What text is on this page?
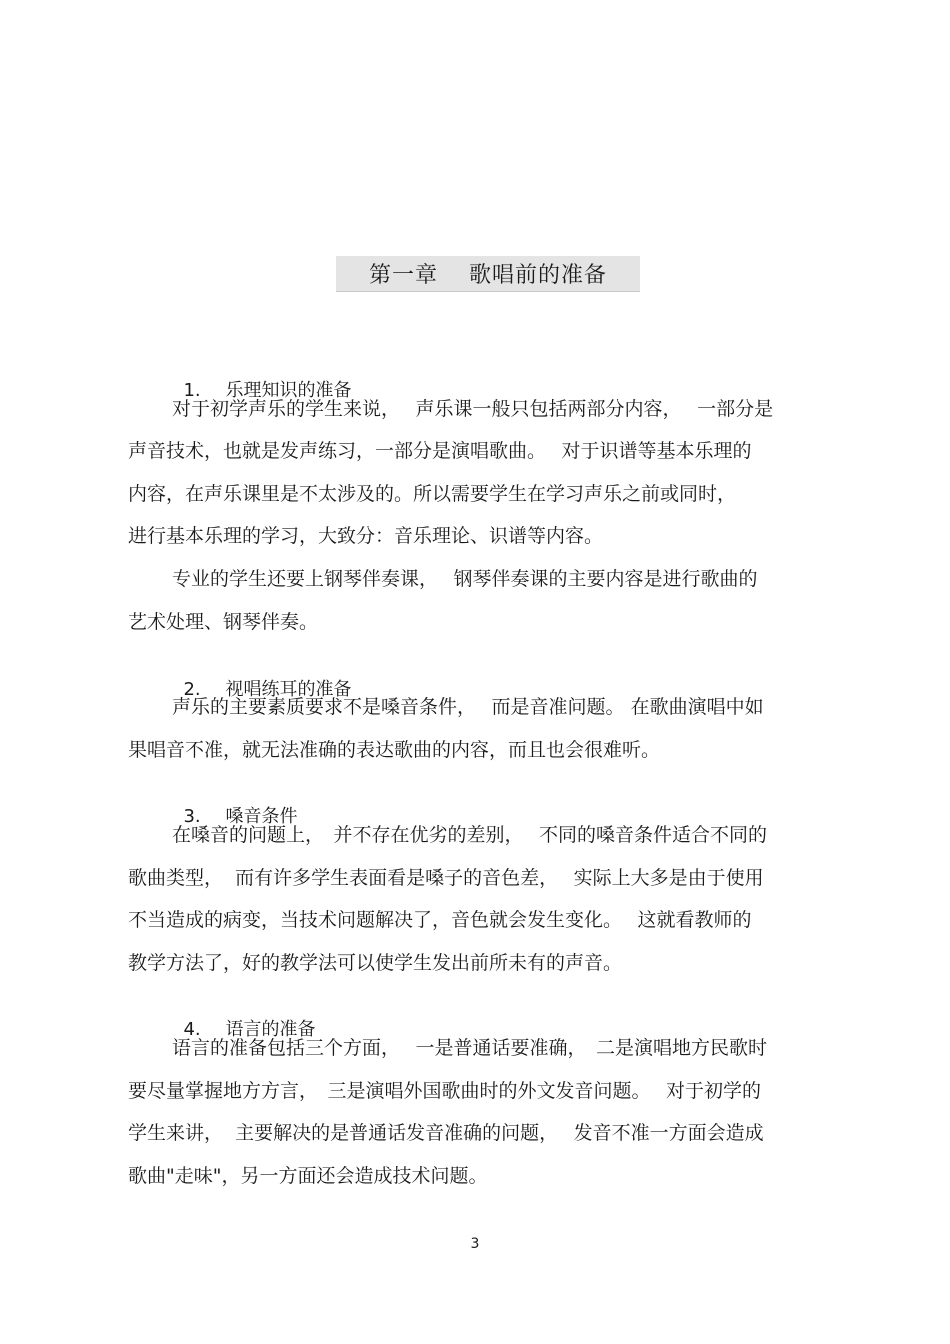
第一章　 歌唱前的准备

1. 乐理知识的准备

对于初学声乐的学生来说，　 声乐课一般只包括两部分内容，　 一部分是
声音技术，也就是发声练习，一部分是演唱歌曲。　 对于识谱等基本乐理的
内容，在声乐课里是不太涉及的。所以需要学生在学习声乐之前或同时，
进行基本乐理的学习，大致分：音乐理论、识谱等内容。
专业的学生还要上钢琴伴奏课，　 钢琴伴奏课的主要内容是进行歌曲的
艺术处理、钢琴伴奏。

2. 视唱练耳的准备

声乐的主要素质要求不是嗓音条件，　 而是音准问题。 在歌曲演唱中如
果唱音不准，就无法准确的表达歌曲的内容，而且也会很难听。

3. 嗓音条件

在嗓音的问题上，　并不存在优劣的差别，　 不同的嗓音条件适合不同的
歌曲类型，  而有许多学生表面看是嗓子的音色差，　 实际上大多是由于使用
不当造成的病变，当技术问题解决了，音色就会发生变化。　 这就看教师的
教学方法了，好的教学法可以使学生发出前所未有的声音。

4. 语言的准备

语言的准备包括三个方面，　 一是普通话要准确，　二是演唱地方民歌时
要尽量掌握地方方言，　三是演唱外国歌曲时的外文发音问题。　 对于初学的
学生来讲，  主要解决的是普通话发音准确的问题，　 发音不准一方面会造成
歌曲"走味"，另一方面还会造成技术问题。
3
